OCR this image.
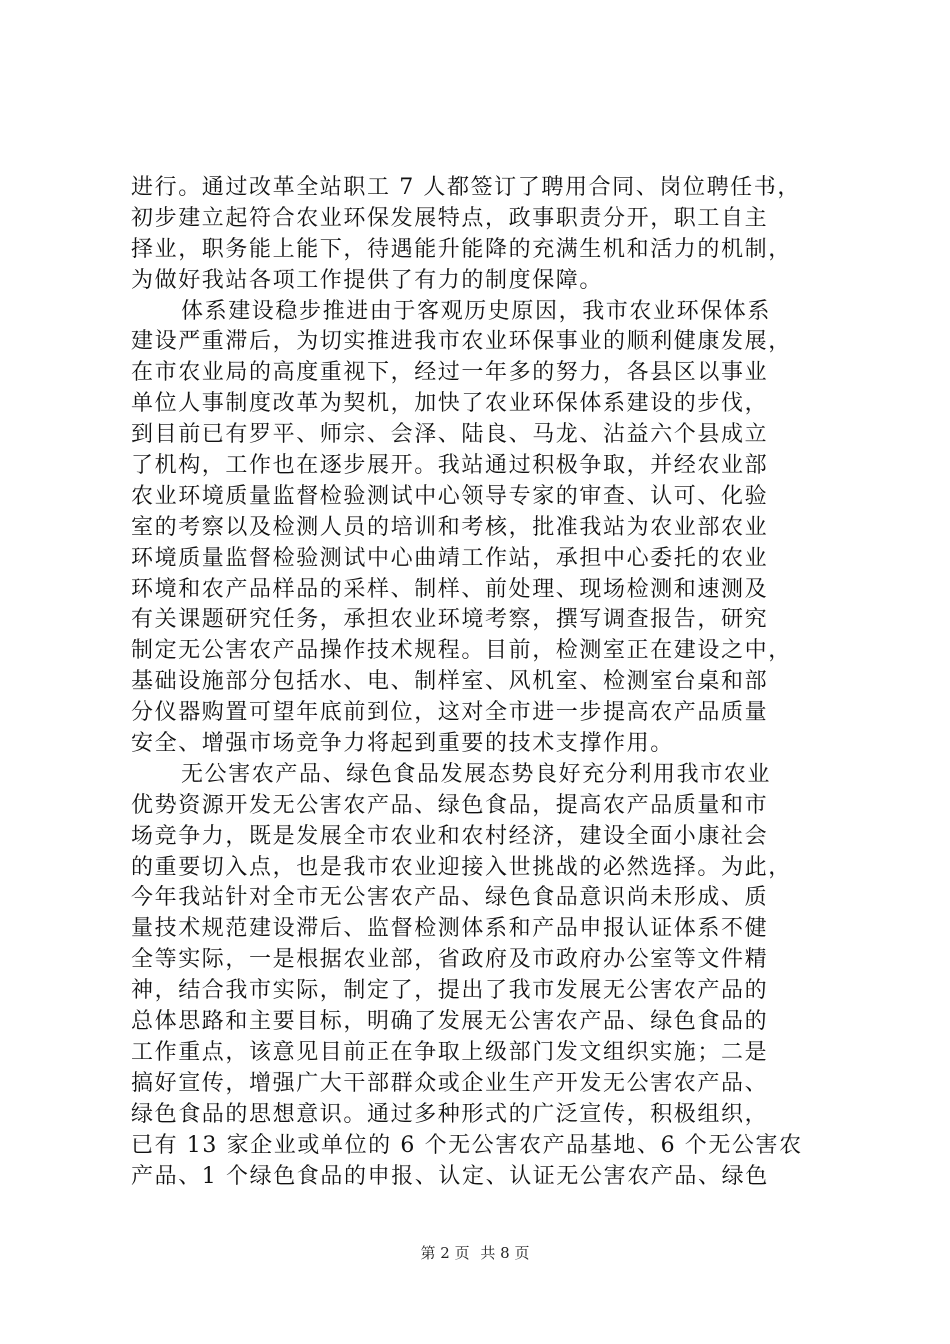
进行。通过改革全站职工 7 人都签订了聘用合同、岗位聘任书，

初步建立起符合农业环保发展特点，政事职责分开，职工自主

择业，职务能上能下，待遇能升能降的充满生机和活力的机制，

为做好我站各项工作提供了有力的制度保障。

体系建设稳步推进由于客观历史原因，我市农业环保体系

建设严重滞后，为切实推进我市农业环保事业的顺利健康发展，

在市农业局的高度重视下，经过一年多的努力，各县区以事业

单位人事制度改革为契机，加快了农业环保体系建设的步伐，

到目前已有罗平、师宗、会泽、陆良、马龙、沾益六个县成立

了机构，工作也在逐步展开。我站通过积极争取，并经农业部

农业环境质量监督检验测试中心领导专家的审查、认可、化验

室的考察以及检测人员的培训和考核，批准我站为农业部农业

环境质量监督检验测试中心曲靖工作站，承担中心委托的农业

环境和农产品样品的采样、制样、前处理、现场检测和速测及

有关课题研究任务，承担农业环境考察，撰写调查报告，研究

制定无公害农产品操作技术规程。目前，检测室正在建设之中，

基础设施部分包括水、电、制样室、风机室、检测室台桌和部

分仪器购置可望年底前到位，这对全市进一步提高农产品质量

安全、增强市场竞争力将起到重要的技术支撑作用。

无公害农产品、绿色食品发展态势良好充分利用我市农业

优势资源开发无公害农产品、绿色食品，提高农产品质量和市

场竞争力，既是发展全市农业和农村经济，建设全面小康社会

的重要切入点，也是我市农业迎接入世挑战的必然选择。为此，

今年我站针对全市无公害农产品、绿色食品意识尚未形成、质

量技术规范建设滞后、监督检测体系和产品申报认证体系不健

全等实际，一是根据农业部，省政府及市政府办公室等文件精

神，结合我市实际，制定了，提出了我市发展无公害农产品的

总体思路和主要目标，明确了发展无公害农产品、绿色食品的

工作重点，该意见目前正在争取上级部门发文组织实施；二是

搞好宣传，增强广大干部群众或企业生产开发无公害农产品、

绿色食品的思想意识。通过多种形式的广泛宣传，积极组织，

已有 13 家企业或单位的 6 个无公害农产品基地、6 个无公害农

产品、1 个绿色食品的申报、认定、认证无公害农产品、绿色

第 2 页 共 8 页
